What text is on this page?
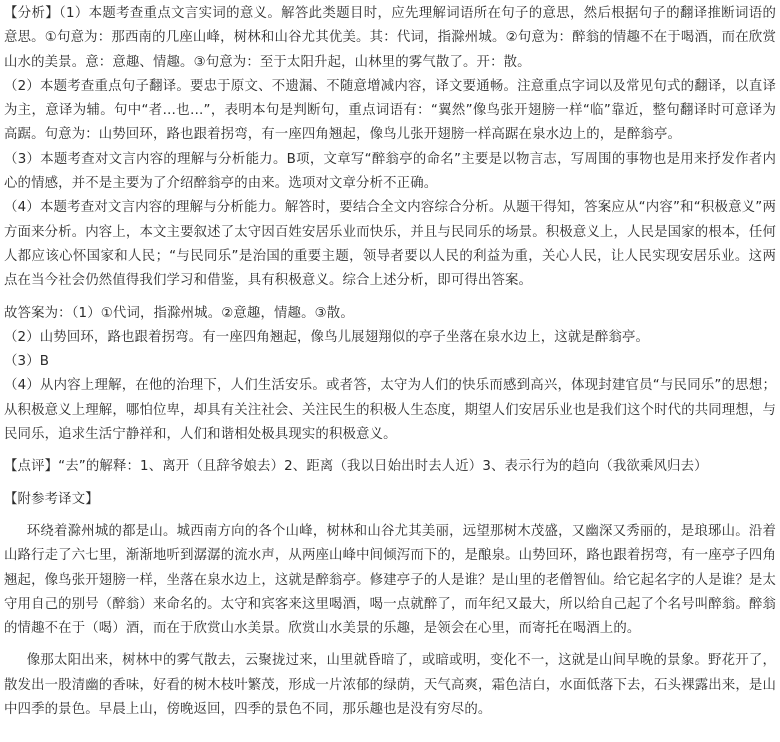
【分析】（1）本题考查重点文言实词的意义。解答此类题目时，应先理解词语所在句子的意思，然后根据句子的翻译推断词语的意思。①句意为：那西南的几座山峰，树林和山谷尤其优美。其：代词，指滁州城。②句意为：醉翁的情趣不在于喝酒，而在欣赏山水的美景。意：意趣、情趣。③句意为：至于太阳升起，山林里的雾气散了。开：散。

（2）本题考查重点句子翻译。要忠于原文、不遗漏、不随意增减内容，译文要通畅。注意重点字词以及常见句式的翻译，以直译为主，意译为辅。句中“者…也…”，表明本句是判断句，重点词语有：“翼然”像鸟张开翅膀一样“临”靠近，整句翻译时可意译为高踞。句意为：山势回环，路也跟着拐弯，有一座四角翘起，像鸟儿张开翅膀一样高踞在泉水边上的，是醉翁亭。

（3）本题考查对文言内容的理解与分析能力。B项，文章写“醉翁亭的命名”主要是以物言志，写周围的事物也是用来抒发作者内心的情感，并不是主要为了介绍醉翁亭的由来。选项对文章分析不正确。

（4）本题考查对文言内容的理解与分析能力。解答时，要结合全文内容综合分析。从题干得知，答案应从“内容”和“积极意义”两方面来分析。内容上，本文主要叙述了太守因百姓安居乐业而快乐，并且与民同乐的场景。积极意义上，人民是国家的根本，任何人都应该心怀国家和人民；“与民同乐”是治国的重要主题，领导者要以人民的利益为重，关心人民，让人民实现安居乐业。这两点在当今社会仍然值得我们学习和借鉴，具有积极意义。综合上述分析，即可得出答案。

故答案为：（1）①代词，指滁州城。②意趣，情趣。③散。

（2）山势回环，路也跟着拐弯。有一座四角翘起，像鸟儿展翅翔似的亭子坐落在泉水边上，这就是醉翁亭。

（3）B

（4）从内容上理解，在他的治理下，人们生活安乐。或者答，太守为人们的快乐而感到高兴，体现封建官员“与民同乐”的思想；从积极意义上理解，哪怕位卑，却具有关注社会、关注民生的积极人生态度，期望人们安居乐业也是我们这个时代的共同理想，与民同乐，追求生活宁静祥和，人们和谐相处极具现实的积极意义。

【点评】“去”的解释：1、离开（且辞爷娘去）2、距离（我以日始出时去人近）3、表示行为的趋向（我欲乘风归去）

【附参考译文】

环绕着滁州城的都是山。城西南方向的各个山峰，树林和山谷尤其美丽，远望那树木茂盛，又幽深又秀丽的，是琅琊山。沿着山路行走了六七里，渐渐地听到潺潺的流水声，从两座山峰中间倾泻而下的，是酿泉。山势回环，路也跟着拐弯，有一座亭子四角翘起，像鸟张开翅膀一样，坐落在泉水边上，这就是醉翁亭。修建亭子的人是谁？是山里的老僧智仙。给它起名字的人是谁？是太守用自己的别号（醉翁）来命名的。太守和宾客来这里喝酒，喝一点就醉了，而年纪又最大，所以给自己起了个名号叫醉翁。醉翁的情趣不在于（喝）酒，而在于欣赏山水美景。欣赏山水美景的乐趣，是领会在心里，而寄托在喝酒上的。

像那太阳出来，树林中的雾气散去，云聚拢过来，山里就昏暗了，或暗或明，变化不一，这就是山间早晚的景象。野花开了，散发出一股清幽的香味，好看的树木枝叶繁茂，形成一片浓郁的绿荫，天气高爽，霜色洁白，水面低落下去，石头裸露出来，是山中四季的景色。早晨上山，傍晚返回，四季的景色不同，那乐趣也是没有穷尽的。
